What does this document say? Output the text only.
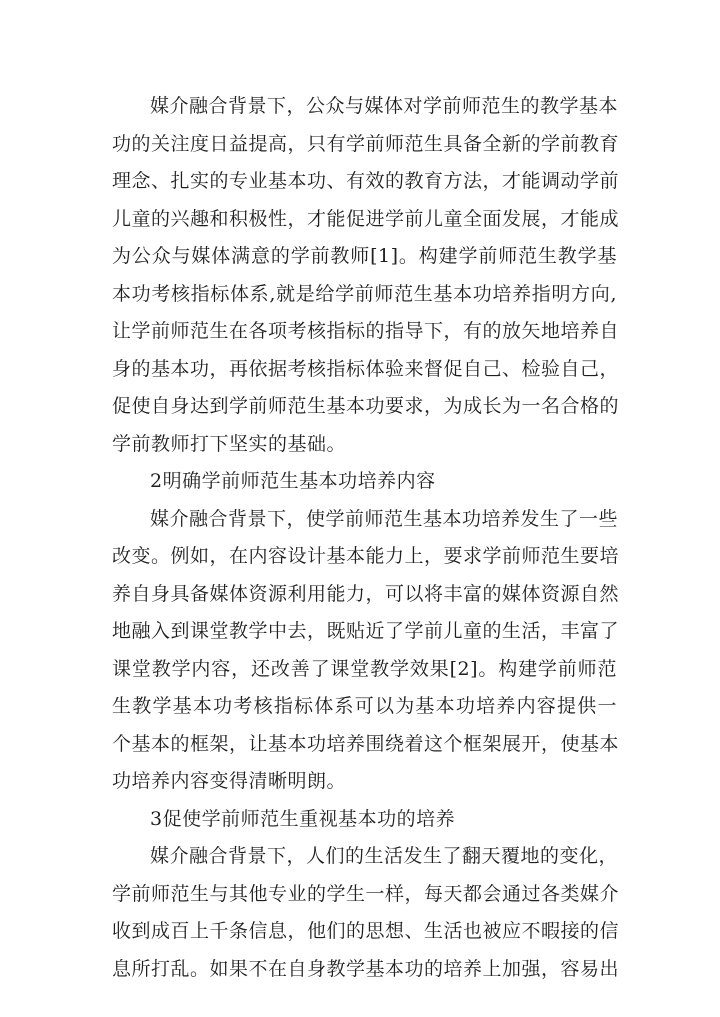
媒介融合背景下，公众与媒体对学前师范生的教学基本
功的关注度日益提高，只有学前师范生具备全新的学前教育
理念、扎实的专业基本功、有效的教育方法，才能调动学前
儿童的兴趣和积极性，才能促进学前儿童全面发展，才能成
为公众与媒体满意的学前教师[1]。构建学前师范生教学基
本功考核指标体系,就是给学前师范生基本功培养指明方向,
让学前师范生在各项考核指标的指导下，有的放矢地培养自
身的基本功，再依据考核指标体验来督促自己、检验自己，
促使自身达到学前师范生基本功要求，为成长为一名合格的
学前教师打下坚实的基础。
2明确学前师范生基本功培养内容
媒介融合背景下，使学前师范生基本功培养发生了一些
改变。例如，在内容设计基本能力上，要求学前师范生要培
养自身具备媒体资源利用能力，可以将丰富的媒体资源自然
地融入到课堂教学中去，既贴近了学前儿童的生活，丰富了
课堂教学内容，还改善了课堂教学效果[2]。构建学前师范
生教学基本功考核指标体系可以为基本功培养内容提供一
个基本的框架，让基本功培养围绕着这个框架展开，使基本
功培养内容变得清晰明朗。
3促使学前师范生重视基本功的培养
媒介融合背景下，人们的生活发生了翻天覆地的变化，
学前师范生与其他专业的学生一样，每天都会通过各类媒介
收到成百上千条信息，他们的思想、生活也被应不暇接的信
息所打乱。如果不在自身教学基本功的培养上加强，容易出
